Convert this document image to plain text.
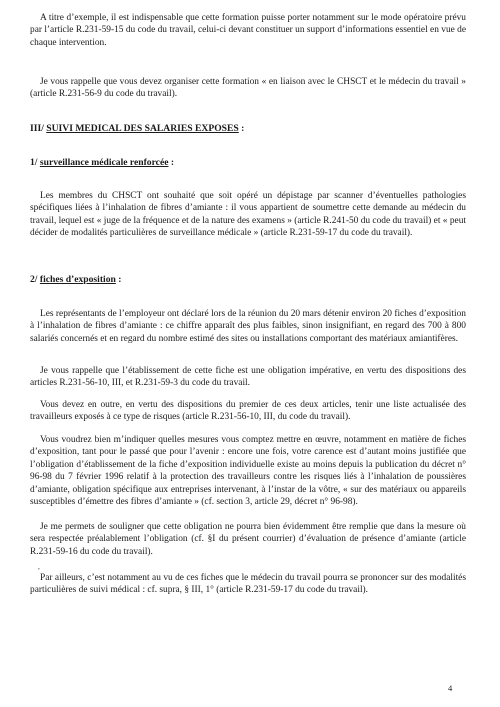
A titre d’exemple, il est indispensable que cette formation puisse porter notamment sur le mode opératoire prévu par l’article R.231-59-15 du code du travail, celui-ci devant constituer un support d’informations essentiel en vue de chaque intervention.

Je vous rappelle que vous devez organiser cette formation « en liaison avec le CHSCT et le médecin du travail » (article R.231-56-9 du code du travail).

III/ SUIVI MEDICAL DES SALARIES EXPOSES :

1/ surveillance médicale renforcée :

Les membres du CHSCT ont souhaité que soit opéré un dépistage par scanner d’éventuelles pathologies spécifiques liées à l’inhalation de fibres d’amiante : il vous appartient de soumettre cette demande au médecin du travail, lequel est « juge de la fréquence et de la nature des examens » (article R.241-50 du code du travail) et « peut décider de modalités particulières de surveillance médicale » (article R.231-59-17 du code du travail).

2/ fiches d’exposition :

Les représentants de l’employeur ont déclaré lors de la réunion du 20 mars détenir environ 20 fiches d’exposition à l’inhalation de fibres d’amiante : ce chiffre apparaît des plus faibles, sinon insignifiant, en regard des 700 à 800 salariés concernés et en regard du nombre estimé des sites ou installations comportant des matériaux amiantifères.

Je vous rappelle que l’établissement de cette fiche est une obligation impérative, en vertu des dispositions des articles R.231-56-10, III, et R.231-59-3 du code du travail.

Vous devez en outre, en vertu des dispositions du premier de ces deux articles, tenir une liste actualisée des travailleurs exposés à ce type de risques (article R.231-56-10, III, du code du travail).

Vous voudrez bien m’indiquer quelles mesures vous comptez mettre en œuvre, notamment en matière de fiches d’exposition, tant pour le passé que pour l’avenir : encore une fois, votre carence est d’autant moins justifiée que l’obligation d’établissement de la fiche d’exposition individuelle existe au moins depuis la publication du décret n° 96-98 du 7 février 1996 relatif à la protection des travailleurs contre les risques liés à l’inhalation de poussières d’amiante, obligation spécifique aux entreprises intervenant, à l’instar de la vôtre, « sur des matériaux ou appareils susceptibles d’émettre des fibres d’amiante » (cf. section 3, article 29, décret n° 96-98).

Je me permets de souligner que cette obligation ne pourra bien évidemment être remplie que dans la mesure où sera respectée préalablement l’obligation (cf. §I du présent courrier) d’évaluation de présence d’amiante (article R.231-59-16 du code du travail).

,

Par ailleurs, c’est notamment au vu de ces fiches que le médecin du travail pourra se prononcer sur des modalités particulières de suivi médical : cf. supra, § III, 1° (article R.231-59-17 du code du travail).

4
